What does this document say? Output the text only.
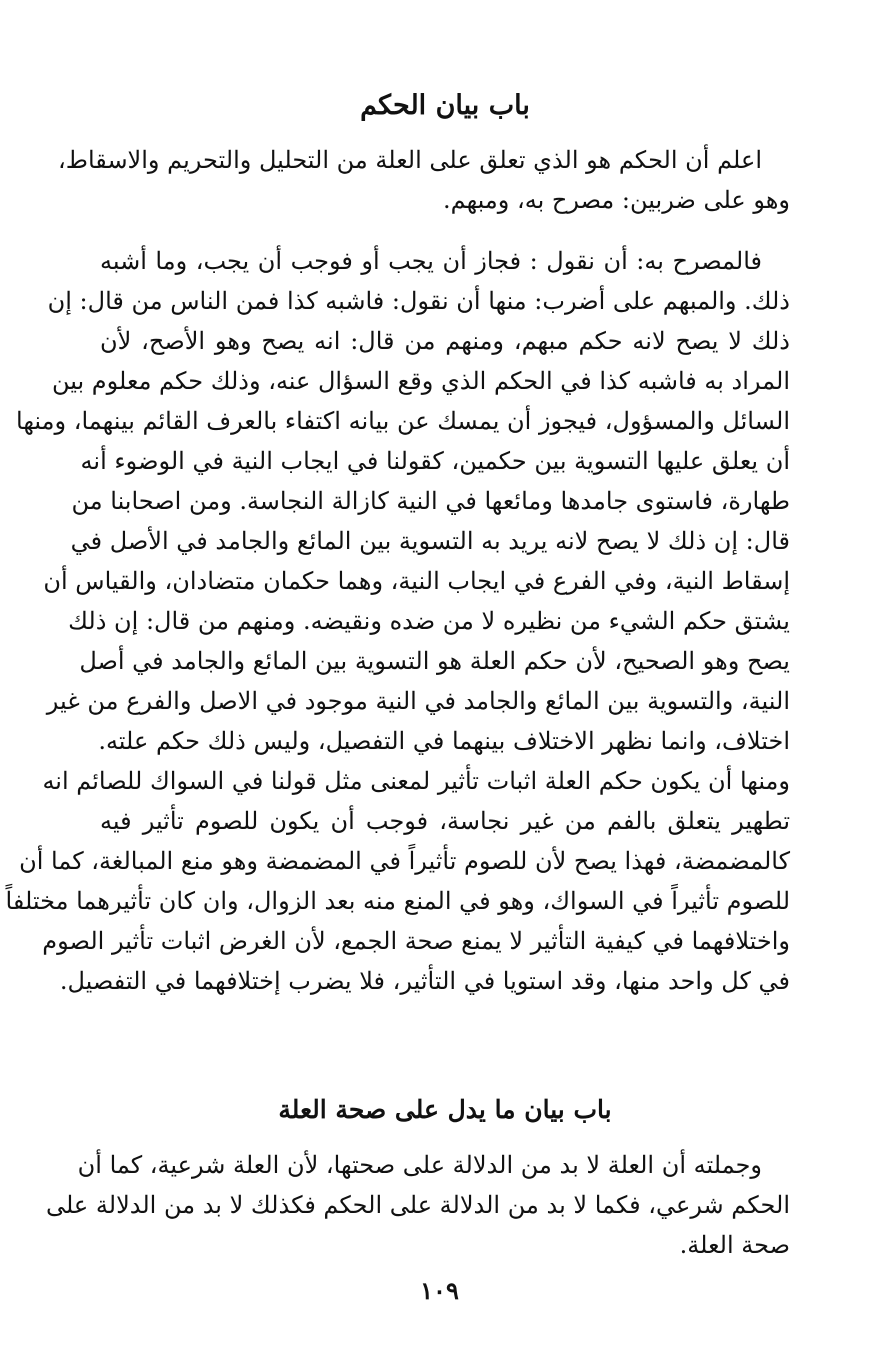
باب بيان الحكم
اعلم أن الحكم هو الذي تعلق على العلة من التحليل والتحريم والاسقاط،
وهو على ضربين: مصرح به، ومبهم.
فالمصرح به: أن نقول : فجاز أن يجب أو فوجب أن يجب، وما أشبه
ذلك. والمبهم على أضرب: منها أن نقول: فاشبه كذا فمن الناس من قال: إن
ذلك لا يصح لانه حكم مبهم، ومنهم من قال: انه يصح وهو الأصح، لأن
المراد به فاشبه كذا في الحكم الذي وقع السؤال عنه، وذلك حكم معلوم بين
السائل والمسؤول، فيجوز أن يمسك عن بيانه اكتفاء بالعرف القائم بينهما، ومنها
أن يعلق عليها التسوية بين حكمين، كقولنا في ايجاب النية في الوضوء أنه
طهارة، فاستوى جامدها ومائعها في النية كازالة النجاسة. ومن اصحابنا من
قال: إن ذلك لا يصح لانه يريد به التسوية بين المائع والجامد في الأصل في
إسقاط النية، وفي الفرع في ايجاب النية، وهما حكمان متضادان، والقياس أن
يشتق حكم الشيء من نظيره لا من ضده ونقيضه. ومنهم من قال: إن ذلك
يصح وهو الصحيح، لأن حكم العلة هو التسوية بين المائع والجامد في أصل
النية، والتسوية بين المائع والجامد في النية موجود في الاصل والفرع من غير
اختلاف، وانما نظهر الاختلاف بينهما في التفصيل، وليس ذلك حكم علته.
ومنها أن يكون حكم العلة اثبات تأثير لمعنى مثل قولنا في السواك للصائم انه
تطهير يتعلق بالفم من غير نجاسة، فوجب أن يكون للصوم تأثير فيه
كالمضمضة، فهذا يصح لأن للصوم تأثيراً في المضمضة وهو منع المبالغة، كما أن
للصوم تأثيراً في السواك، وهو في المنع منه بعد الزوال، وان كان تأثيرهما مختلفاً
واختلافهما في كيفية التأثير لا يمنع صحة الجمع، لأن الغرض اثبات تأثير الصوم
في كل واحد منها، وقد استويا في التأثير، فلا يضرب إختلافهما في التفصيل.
باب بيان ما يدل على صحة العلة
وجملته أن العلة لا بد من الدلالة على صحتها، لأن العلة شرعية، كما أن
الحكم شرعي، فكما لا بد من الدلالة على الحكم فكذلك لا بد من الدلالة على
صحة العلة.
١٠٩
